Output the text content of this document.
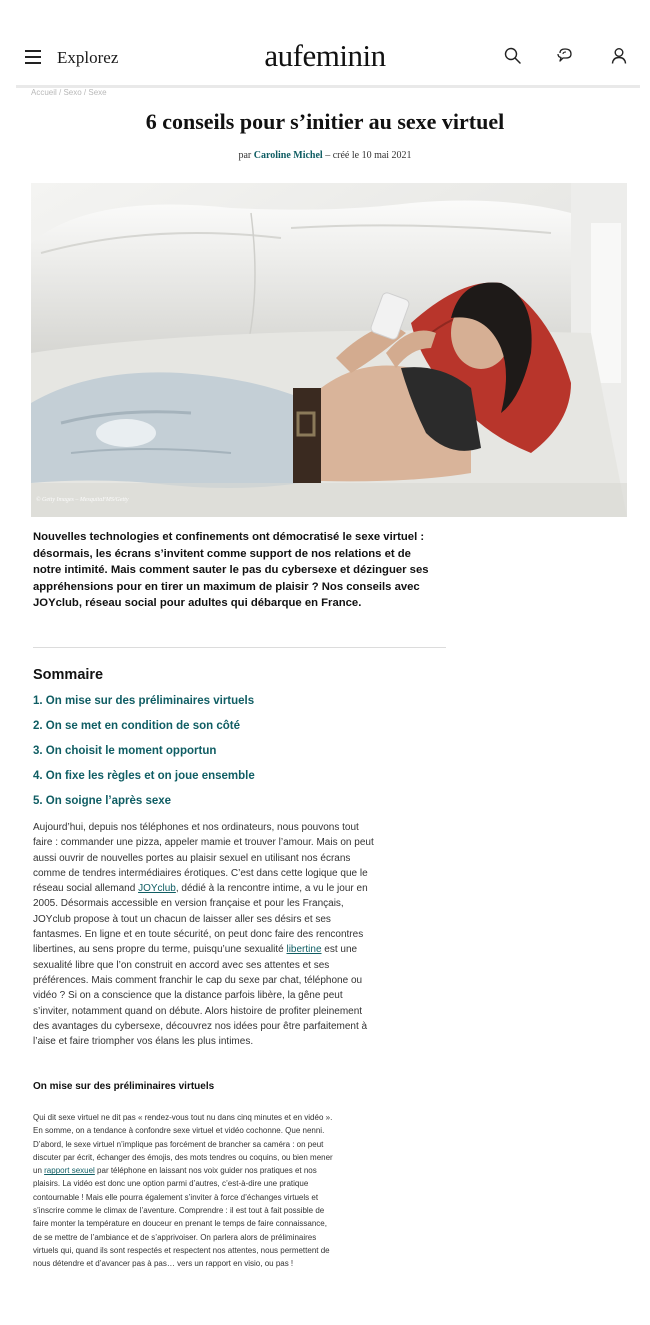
Explorez	aufeminin
Accueil / Sexo / Sexe
6 conseils pour s’initier au sexe virtuel
par Caroline Michel – créé le 10 mai 2021
© Getty Images – MesquitaFMS/Getty

Nouvelles technologies et confinements ont démocratisé le sexe virtuel : désormais, les écrans s’invitent comme support de nos relations et de notre intimité. Mais comment sauter le pas du cybersexe et dézinguer ses appréhensions pour en tirer un maximum de plaisir ? Nos conseils avec JOYclub, réseau social pour adultes qui débarque en France.

Sommaire
1. On mise sur des préliminaires virtuels
2. On se met en condition de son côté
3. On choisit le moment opportun
4. On fixe les règles et on joue ensemble
5. On soigne l’après sexe

Aujourd’hui, depuis nos téléphones et nos ordinateurs, nous pouvons tout faire : commander une pizza, appeler mamie et trouver l’amour. Mais on peut aussi ouvrir de nouvelles portes au plaisir sexuel en utilisant nos écrans comme de tendres intermédiaires érotiques. C’est dans cette logique que le réseau social allemand JOYclub, dédié à la rencontre intime, a vu le jour en 2005. Désormais accessible en version française et pour les Français, JOYclub propose à tout un chacun de laisser aller ses désirs et ses fantasmes. En ligne et en toute sécurité, on peut donc faire des rencontres libertines, au sens propre du terme, puisqu’une sexualité libertine est une sexualité libre que l’on construit en accord avec ses attentes et ses préférences. Mais comment franchir le cap du sexe par chat, téléphone ou vidéo ? Si on a conscience que la distance parfois libère, la gêne peut s’inviter, notamment quand on débute. Alors histoire de profiter pleinement des avantages du cybersexe, découvrez nos idées pour être parfaitement à l’aise et faire triompher vos élans les plus intimes.

On mise sur des préliminaires virtuels

Qui dit sexe virtuel ne dit pas « rendez-vous tout nu dans cinq minutes et en vidéo ». En somme, on a tendance à confondre sexe virtuel et vidéo cochonne. Que nenni. D’abord, le sexe virtuel n’implique pas forcément de brancher sa caméra : on peut discuter par écrit, échanger des émojis, des mots tendres ou coquins, ou bien mener un rapport sexuel par téléphone en laissant nos voix guider nos pratiques et nos plaisirs. La vidéo est donc une option parmi d’autres, c’est-à-dire une pratique contournable ! Mais elle pourra également s’inviter à force d’échanges virtuels et s’inscrire comme le climax de l’aventure. Comprendre : il est tout à fait possible de faire monter la température en douceur en prenant le temps de faire connaissance, de se mettre de l’ambiance et de s’apprivoiser. On parlera alors de préliminaires virtuels qui, quand ils sont respectés et respectent nos attentes, nous permettent de nous détendre et d’avancer pas à pas… vers un rapport en visio, ou pas !
